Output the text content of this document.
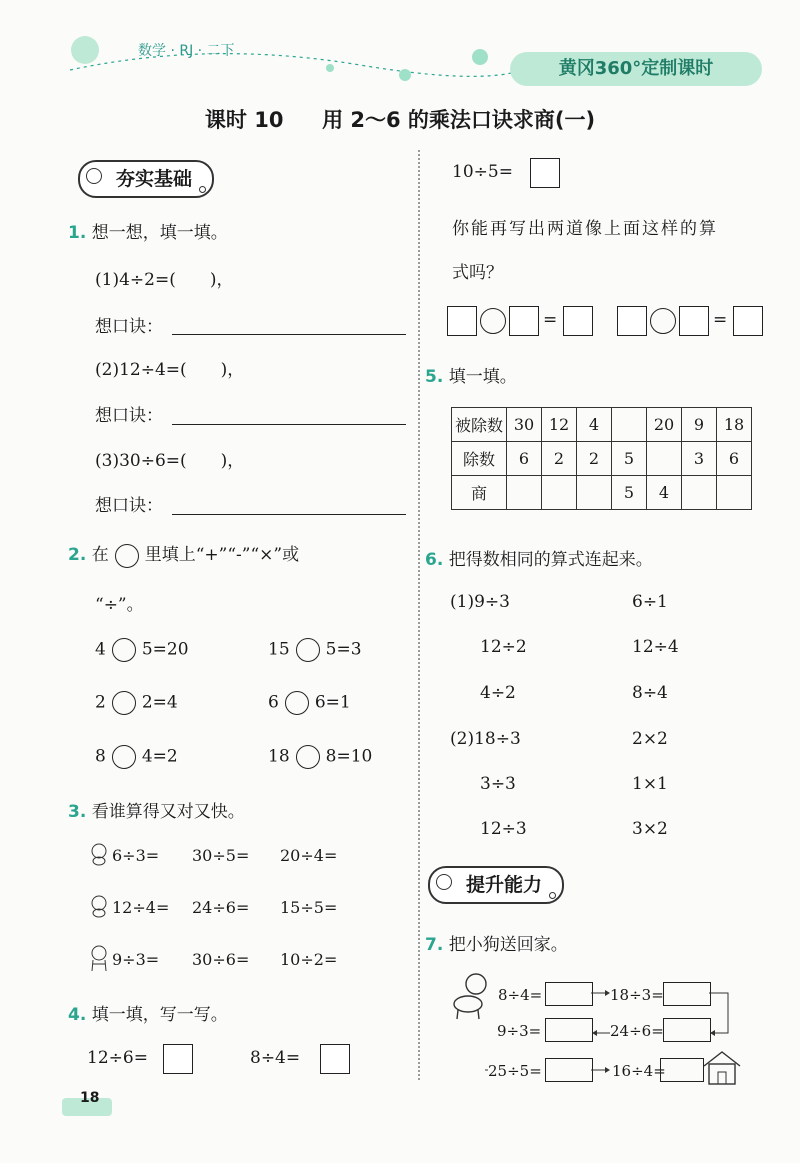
数学 · RJ · 二下
黄冈360°定制课时
课时 10 用 2～6 的乘法口诀求商(一)
夯实基础
1. 想一想，填一填。
(1)4÷2=(　　)，
想口诀：
(2)12÷4=(　　)，
想口诀：
(3)30÷6=(　　)，
想口诀：
2. 在 里填上“+”“-”“×”或
“÷”。
4 5=20	15 5=3
2 2=4	6 6=1
8 4=2	18 8=10
3. 看谁算得又对又快。
6÷3= 30÷5= 20÷4=
12÷4= 24÷6= 15÷5=
9÷3= 30÷6= 10÷2=
4. 填一填，写一写。
12÷6=	8÷4=
10÷5=
你能再写出两道像上面这样的算
式吗？
=	=
5. 填一填。
被除数	30	12	4		20	9	18
除数	6	2	2	5		3	6
商				5	4		
6. 把得数相同的算式连起来。
(1)9÷3
12÷2
4÷2
(2)18÷3
3÷3
12÷3
6÷1
12÷4
8÷4
2×2
1×1
3×2
提升能力
7. 把小狗送回家。
8÷4=	18÷3=
9÷3=	24÷6=
25÷5=	16÷4=
18
